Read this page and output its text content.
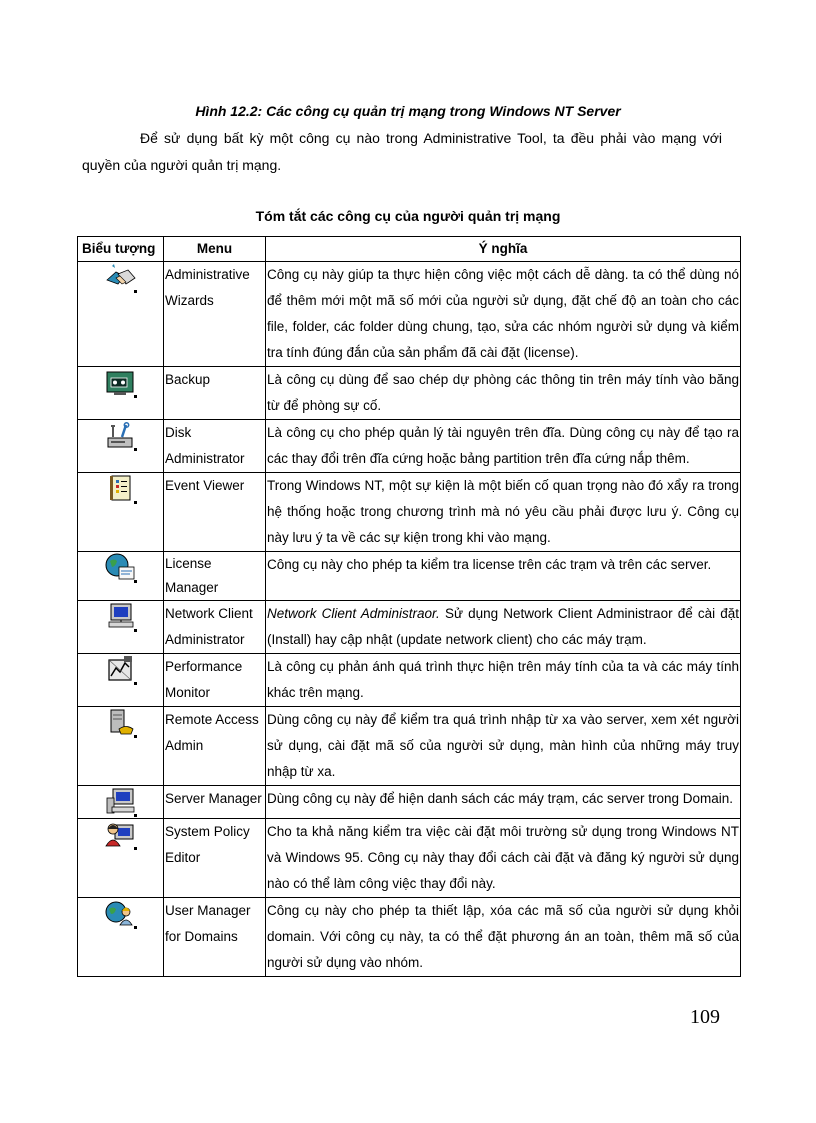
Hình 12.2: Các công cụ quản trị mạng trong Windows NT Server
Để sử dụng bất kỳ một công cụ nào trong Administrative Tool, ta đều phải vào mạng với quyền của người quản trị mạng.
Tóm tắt các công cụ của người quản trị mạng
Biểu tượng	Menu	Ý nghĩa
	Administrative Wizards	Công cụ này giúp ta thực hiện công việc một cách dễ dàng. ta có thể dùng nó để thêm mới một mã số mới của người sử dụng, đặt chế độ an toàn cho các file, folder, các folder dùng chung, tạo, sửa các nhóm người sử dụng và kiểm tra tính đúng đắn của sản phẩm đã cài đặt (license).
	Backup	Là công cụ dùng để sao chép dự phòng các thông tin trên máy tính vào băng từ để phòng sự cố.
	Disk Administrator	Là công cụ cho phép quản lý tài nguyên trên đĩa. Dùng công cụ này để tạo ra các thay đổi trên đĩa cứng hoặc bảng partition trên đĩa cứng nắp thêm.
	Event Viewer	Trong Windows NT, một sự kiện là một biến cố quan trọng nào đó xẩy ra trong hệ thống hoặc trong chương trình mà nó yêu cầu phải được lưu ý. Công cụ này lưu ý ta về các sự kiện trong khi vào mạng.
	License Manager	Công cụ này cho phép ta kiểm tra license trên các trạm và trên các server.
	Network Client Administrator	Network Client Administraor. Sử dụng Network Client Administraor để cài đặt (Install) hay cập nhật (update network client) cho các máy trạm.
	Performance Monitor	Là công cụ phản ánh quá trình thực hiện trên máy tính của ta và các máy tính khác trên mạng.
	Remote Access Admin	Dùng công cụ này để kiểm tra quá trình nhập từ xa vào server, xem xét người sử dụng, cài đặt mã số của người sử dụng, màn hình của những máy truy nhập từ xa.
	Server Manager	Dùng công cụ này để hiện danh sách các máy trạm, các server trong Domain.
	System Policy Editor	Cho ta khả năng kiểm tra việc cài đặt môi trường sử dụng trong Windows NT và Windows 95. Công cụ này thay đổi cách cài đặt và đăng ký người sử dụng nào có thể làm công việc thay đổi này.
	User Manager for Domains	Công cụ này cho phép ta thiết lập, xóa các mã số của người sử dụng khỏi domain. Với công cụ này, ta có thể đặt phương án an toàn, thêm mã số của người sử dụng vào nhóm.
109
